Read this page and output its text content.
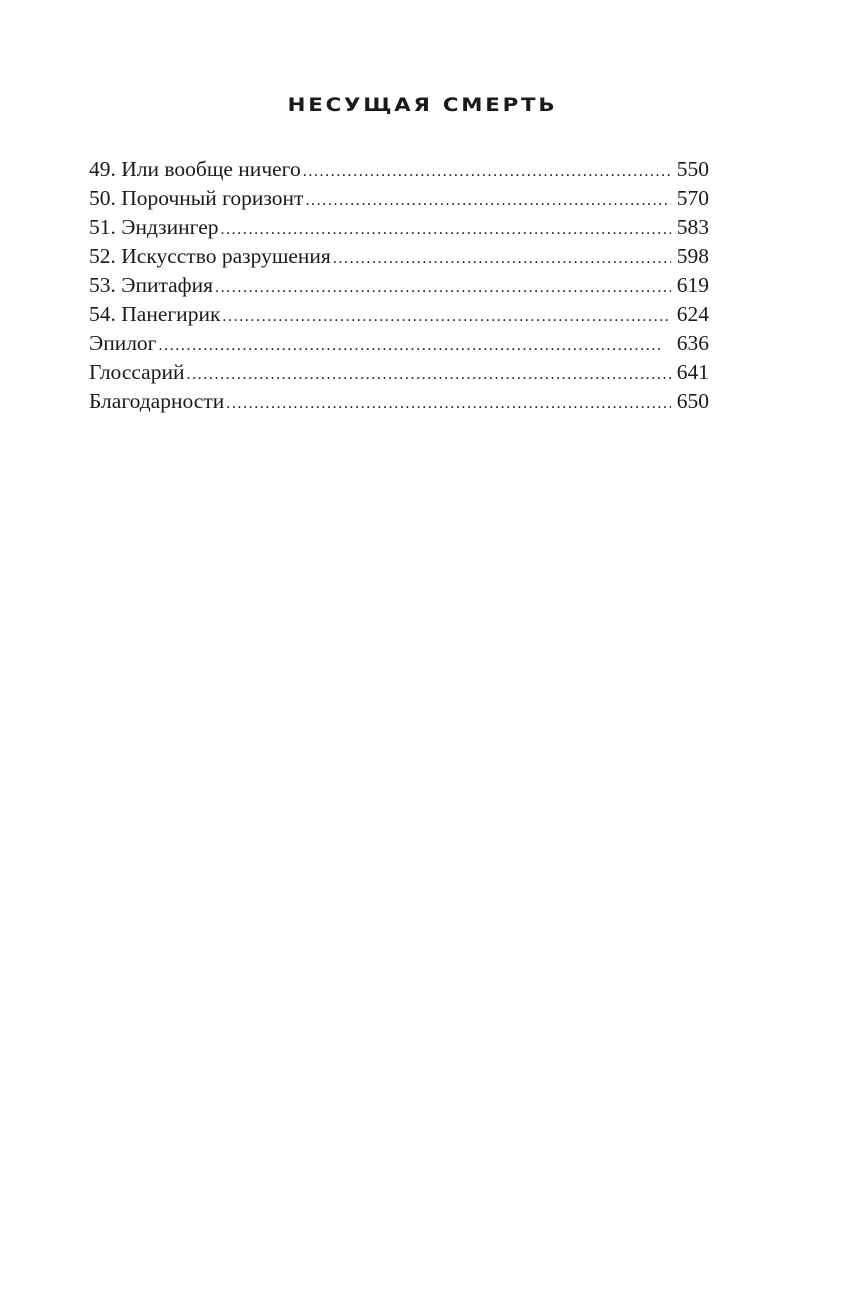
НЕСУЩАЯ СМЕРТЬ
49. Или вообще ничего . . .	550
50. Порочный горизонт . . .	570
51. Эндзингер . . .	583
52. Искусство разрушения . . .	598
53. Эпитафия . . .	619
54. Панегирик . . .	624
Эпилог . . .	636
Глоссарий . . .	641
Благодарности . . .	650
